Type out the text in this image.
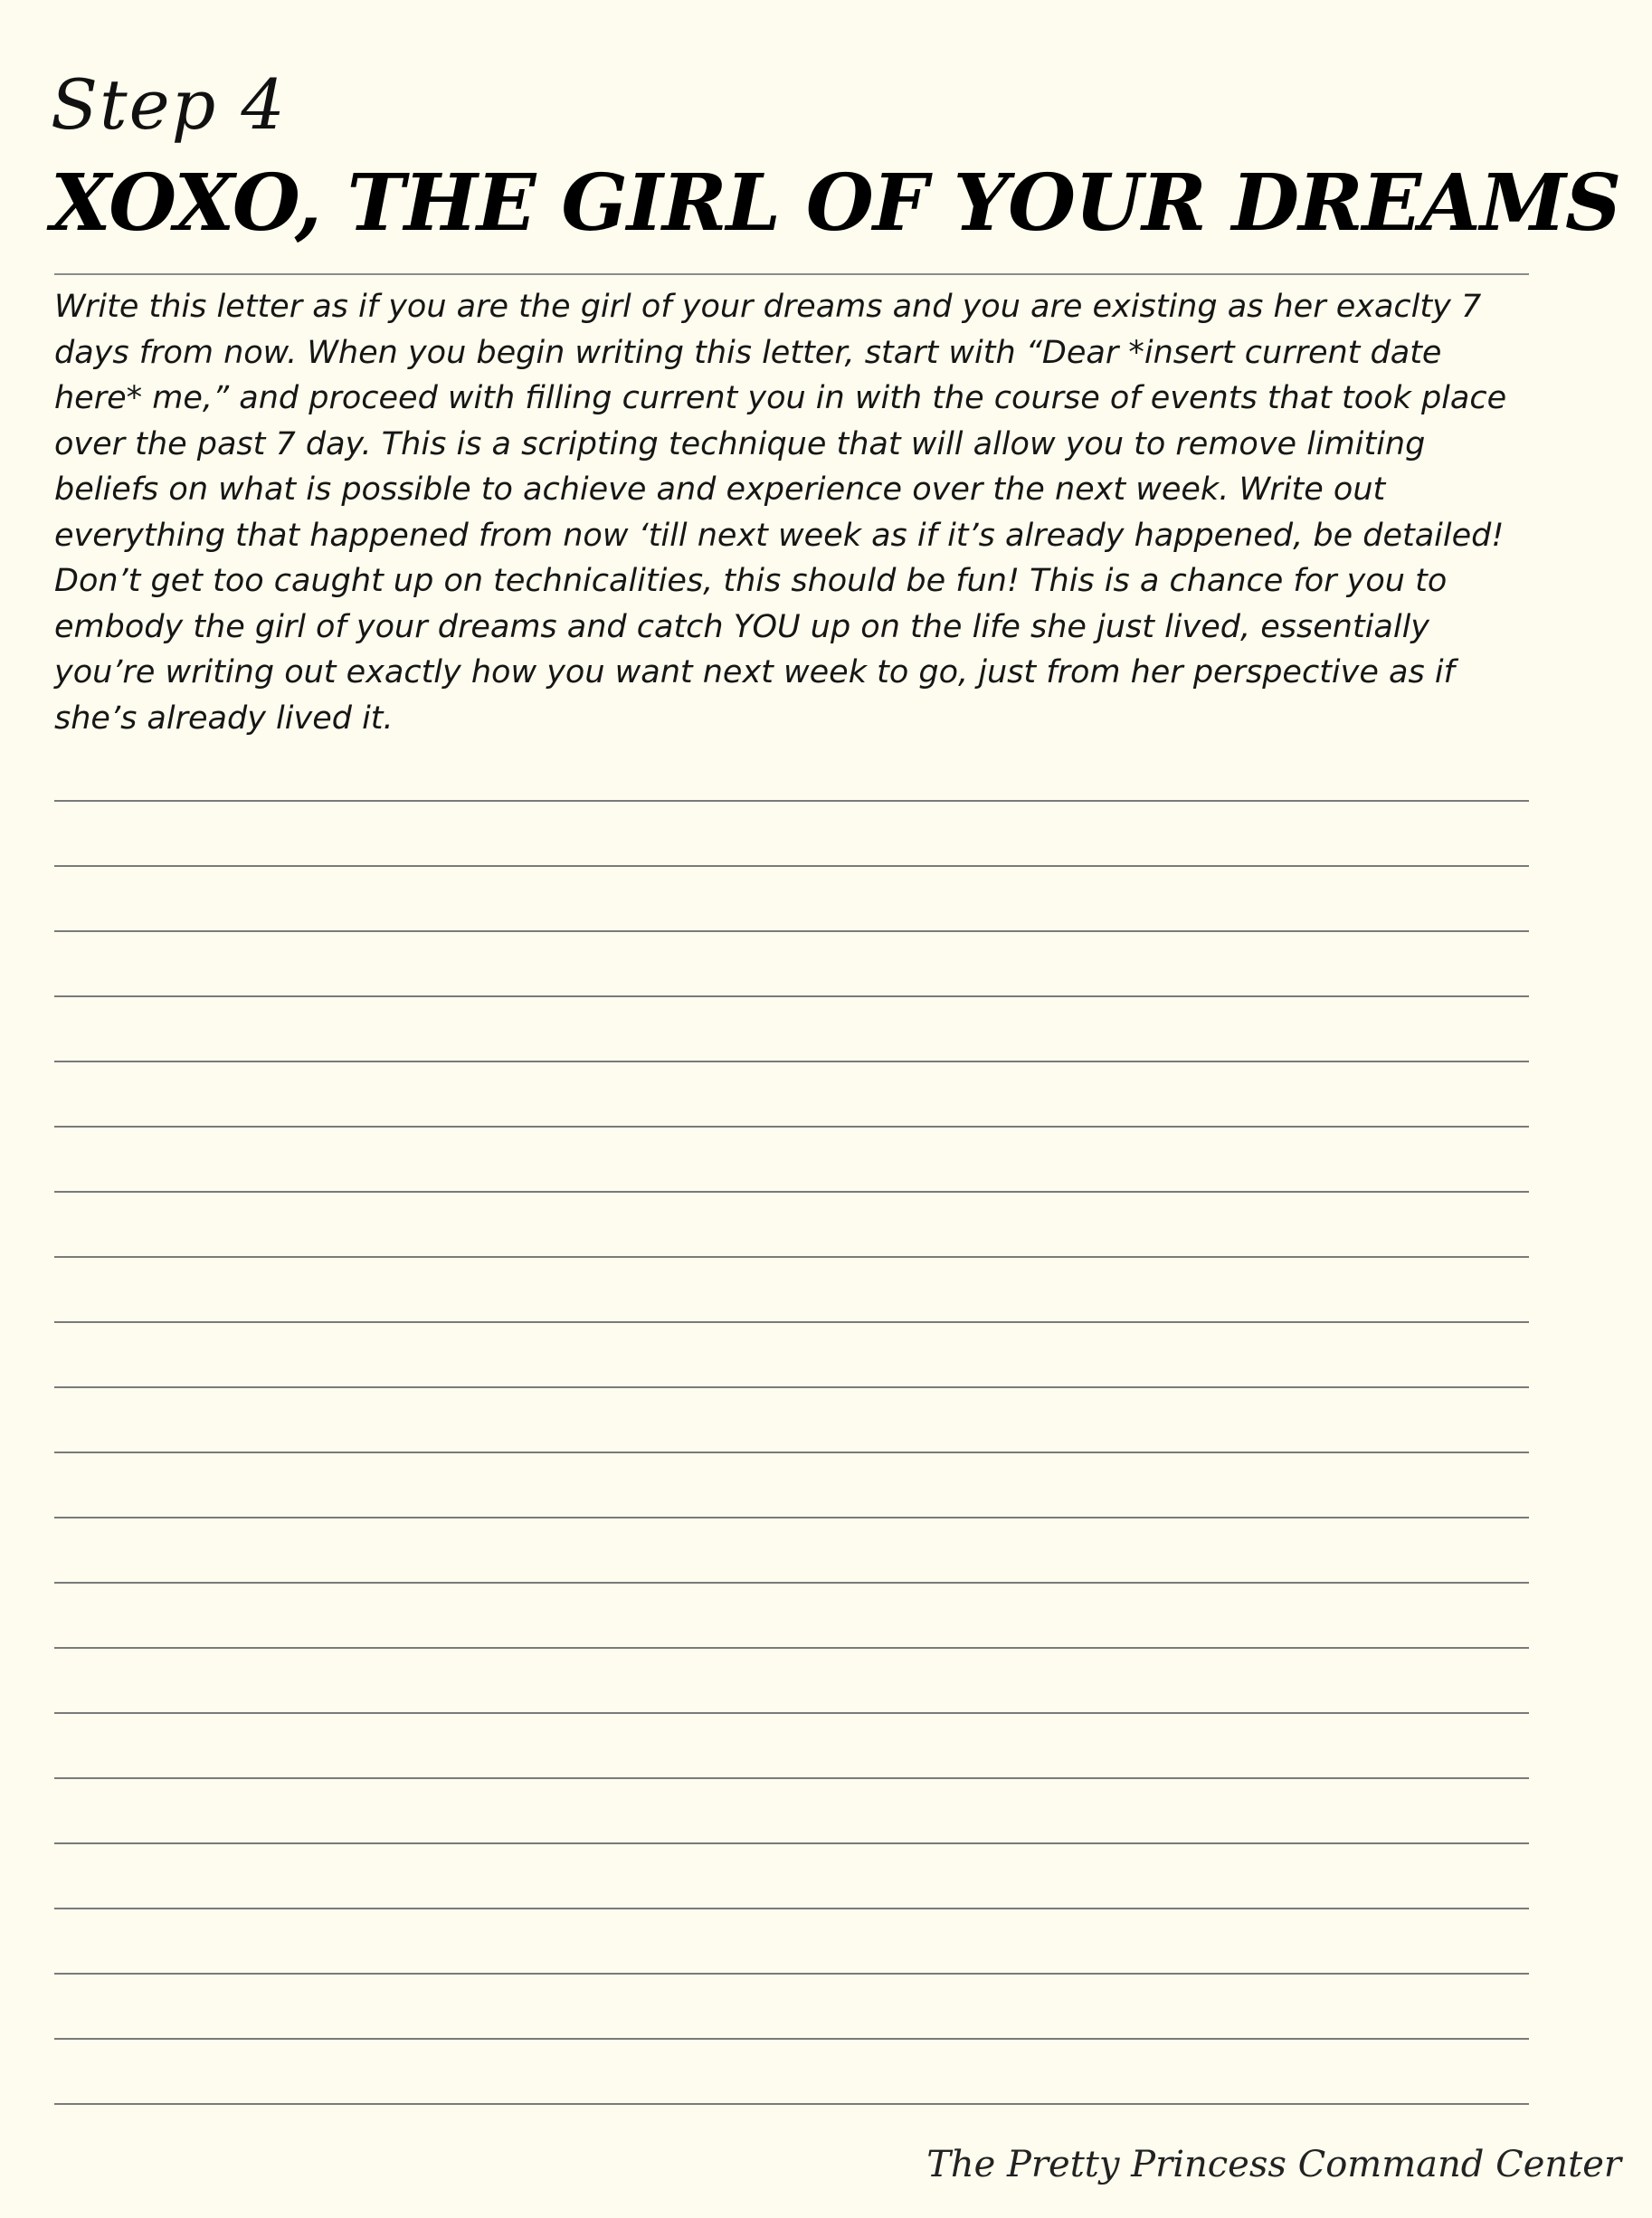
Step 4
XOXO, THE GIRL OF YOUR DREAMS

Write this letter as if you are the girl of your dreams and you are existing as her exaclty 7 days from now. When you begin writing this letter, start with “Dear *insert current date here* me,” and proceed with filling current you in with the course of events that took place over the past 7 day. This is a scripting technique that will allow you to remove limiting beliefs on what is possible to achieve and experience over the next week. Write out everything that happened from now ‘till next week as if it’s already happened, be detailed! Don’t get too caught up on technicalities, this should be fun! This is a chance for you to embody the girl of your dreams and catch YOU up on the life she just lived, essentially you’re writing out exactly how you want next week to go, just from her perspective as if she’s already lived it.

The Pretty Princess Command Center
